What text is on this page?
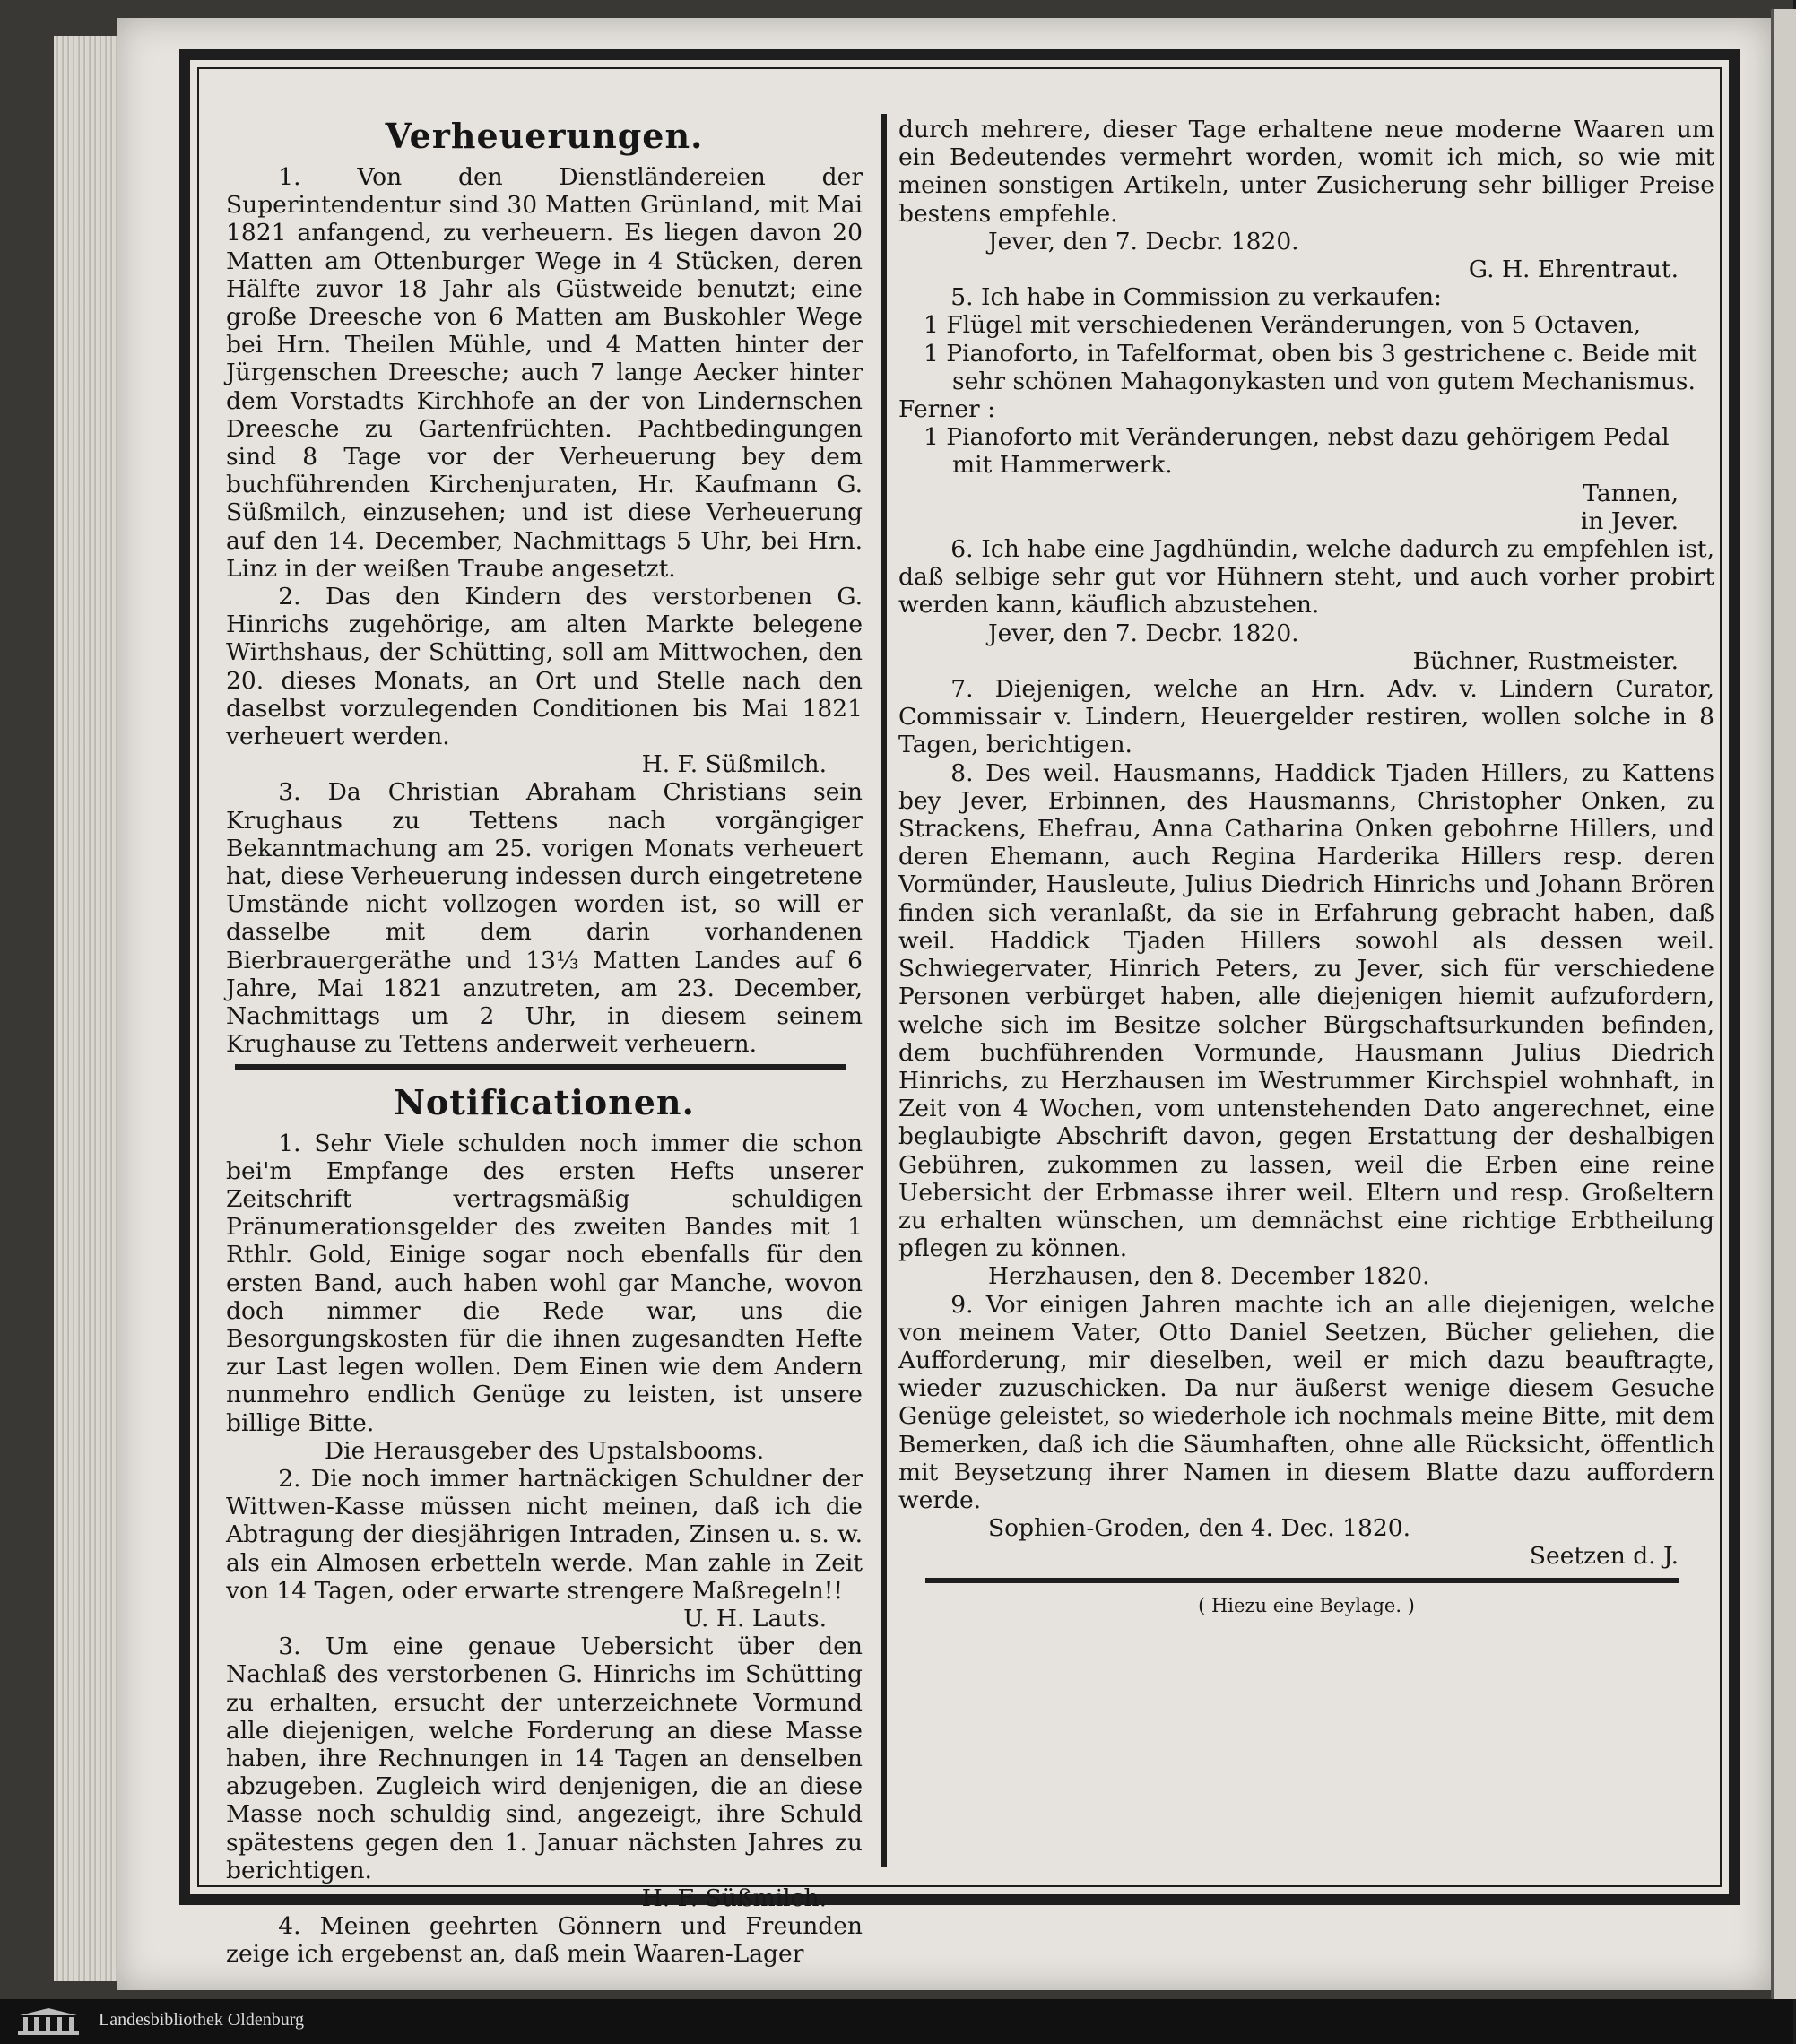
Verheuerungen.

1. Von den Dienstländereien der Superintendentur sind 30 Matten Grünland, mit Mai 1821 anfangend, zu verheuern. Es liegen davon 20 Matten am Ottenburger Wege in 4 Stücken, deren Hälfte zuvor 18 Jahr als Güstweide benutzt; eine große Dreesche von 6 Matten am Buskohler Wege bei Hrn. Theilen Mühle, und 4 Matten hinter der Jürgenschen Dreesche; auch 7 lange Aecker hinter dem Vorstadts Kirchhofe an der von Lindernschen Dreesche zu Gartenfrüchten. Pachtbedingungen sind 8 Tage vor der Verheuerung bey dem buchführenden Kirchenjuraten, Hr. Kaufmann G. Süßmilch, einzusehen; und ist diese Verheuerung auf den 14. December, Nachmittags 5 Uhr, bei Hrn. Linz in der weißen Traube angesetzt.

2. Das den Kindern des verstorbenen G. Hinrichs zugehörige, am alten Markte belegene Wirthshaus, der Schütting, soll am Mittwochen, den 20. dieses Monats, an Ort und Stelle nach den daselbst vorzulegenden Conditionen bis Mai 1821 verheuert werden.

H. F. Süßmilch.

3. Da Christian Abraham Christians sein Krughaus zu Tettens nach vorgängiger Bekanntmachung am 25. vorigen Monats verheuert hat, diese Verheuerung indessen durch eingetretene Umstände nicht vollzogen worden ist, so will er dasselbe mit dem darin vorhandenen Bierbrauergeräthe und 13⅓ Matten Landes auf 6 Jahre, Mai 1821 anzutreten, am 23. December, Nachmittags um 2 Uhr, in diesem seinem Krughause zu Tettens anderweit verheuern.

Notificationen.

1. Sehr Viele schulden noch immer die schon bei'm Empfange des ersten Hefts unserer Zeitschrift vertragsmäßig schuldigen Pränumerationsgelder des zweiten Bandes mit 1 Rthlr. Gold, Einige sogar noch ebenfalls für den ersten Band, auch haben wohl gar Manche, wovon doch nimmer die Rede war, uns die Besorgungskosten für die ihnen zugesandten Hefte zur Last legen wollen. Dem Einen wie dem Andern nunmehro endlich Genüge zu leisten, ist unsere billige Bitte.

Die Herausgeber des Upstalsbooms.

2. Die noch immer hartnäckigen Schuldner der Wittwen-Kasse müssen nicht meinen, daß ich die Abtragung der diesjährigen Intraden, Zinsen u. s. w. als ein Almosen erbetteln werde. Man zahle in Zeit von 14 Tagen, oder erwarte strengere Maßregeln!!

U. H. Lauts.

3. Um eine genaue Uebersicht über den Nachlaß des verstorbenen G. Hinrichs im Schütting zu erhalten, ersucht der unterzeichnete Vormund alle diejenigen, welche Forderung an diese Masse haben, ihre Rechnungen in 14 Tagen an denselben abzugeben. Zugleich wird denjenigen, die an diese Masse noch schuldig sind, angezeigt, ihre Schuld spätestens gegen den 1. Januar nächsten Jahres zu berichtigen.

H. F. Süßmilch.

4. Meinen geehrten Gönnern und Freunden zeige ich ergebenst an, daß mein Waaren-Lager

durch mehrere, dieser Tage erhaltene neue moderne Waaren um ein Bedeutendes vermehrt worden, womit ich mich, so wie mit meinen sonstigen Artikeln, unter Zusicherung sehr billiger Preise bestens empfehle.

Jever, den 7. Decbr. 1820.

G. H. Ehrentraut.

5. Ich habe in Commission zu verkaufen:

1 Flügel mit verschiedenen Veränderungen, von 5 Octaven,

1 Pianoforto, in Tafelformat, oben bis 3 gestrichene c. Beide mit sehr schönen Mahagonykasten und von gutem Mechanismus.

Ferner :

1 Pianoforto mit Veränderungen, nebst dazu gehörigem Pedal mit Hammerwerk.

Tannen,

in Jever.

6. Ich habe eine Jagdhündin, welche dadurch zu empfehlen ist, daß selbige sehr gut vor Hühnern steht, und auch vorher probirt werden kann, käuflich abzustehen.

Jever, den 7. Decbr. 1820.

Büchner, Rustmeister.

7. Diejenigen, welche an Hrn. Adv. v. Lindern Curator, Commissair v. Lindern, Heuergelder restiren, wollen solche in 8 Tagen, berichtigen.

8. Des weil. Hausmanns, Haddick Tjaden Hillers, zu Kattens bey Jever, Erbinnen, des Hausmanns, Christopher Onken, zu Strackens, Ehefrau, Anna Catharina Onken gebohrne Hillers, und deren Ehemann, auch Regina Harderika Hillers resp. deren Vormünder, Hausleute, Julius Diedrich Hinrichs und Johann Brören finden sich veranlaßt, da sie in Erfahrung gebracht haben, daß weil. Haddick Tjaden Hillers sowohl als dessen weil. Schwiegervater, Hinrich Peters, zu Jever, sich für verschiedene Personen verbürget haben, alle diejenigen hiemit aufzufordern, welche sich im Besitze solcher Bürgschaftsurkunden befinden, dem buchführenden Vormunde, Hausmann Julius Diedrich Hinrichs, zu Herzhausen im Westrummer Kirchspiel wohnhaft, in Zeit von 4 Wochen, vom untenstehenden Dato angerechnet, eine beglaubigte Abschrift davon, gegen Erstattung der deshalbigen Gebühren, zukommen zu lassen, weil die Erben eine reine Uebersicht der Erbmasse ihrer weil. Eltern und resp. Großeltern zu erhalten wünschen, um demnächst eine richtige Erbtheilung pflegen zu können.

Herzhausen, den 8. December 1820.

9. Vor einigen Jahren machte ich an alle diejenigen, welche von meinem Vater, Otto Daniel Seetzen, Bücher geliehen, die Aufforderung, mir dieselben, weil er mich dazu beauftragte, wieder zuzuschicken. Da nur äußerst wenige diesem Gesuche Genüge geleistet, so wiederhole ich nochmals meine Bitte, mit dem Bemerken, daß ich die Säumhaften, ohne alle Rücksicht, öffentlich mit Beysetzung ihrer Namen in diesem Blatte dazu auffordern werde.

Sophien-Groden, den 4. Dec. 1820.

Seetzen d. J.

( Hiezu eine Beylage. )

Landesbibliothek Oldenburg
